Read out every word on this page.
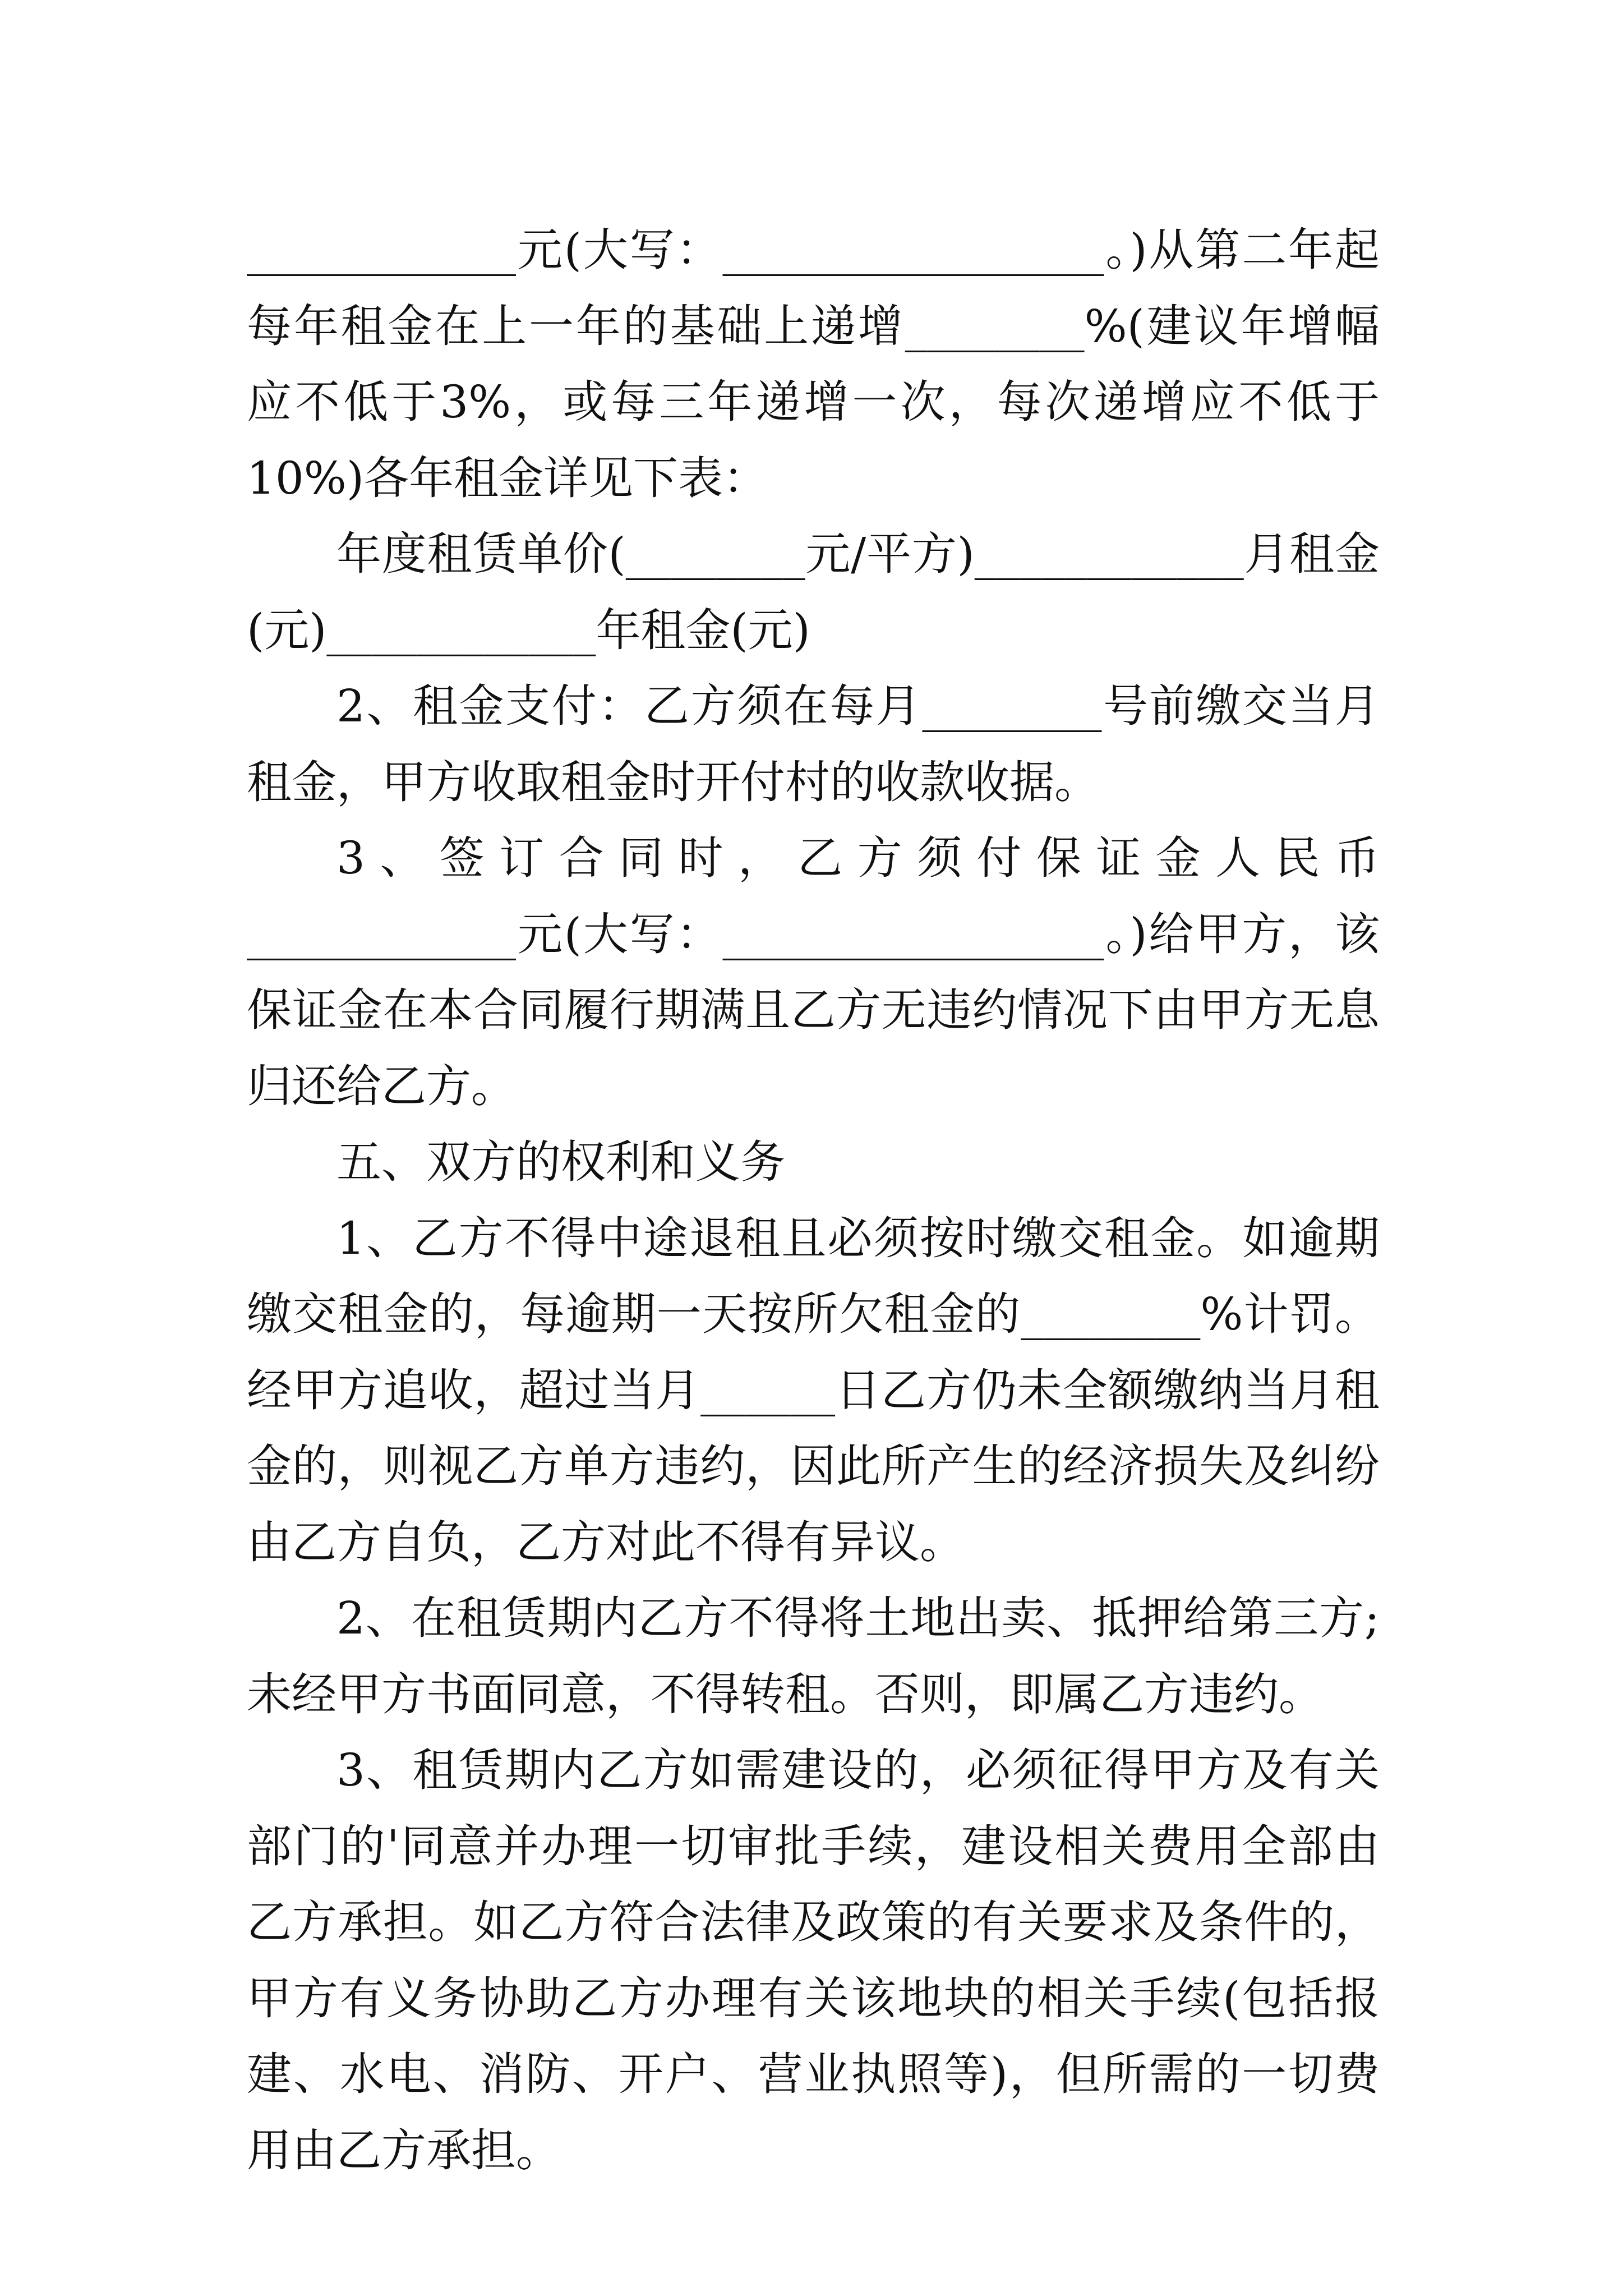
____________元(大写：_________________。)从第二年起每年租金在上一年的基础上递增________%(建议年增幅应不低于3%，或每三年递增一次，每次递增应不低于10%)各年租金详见下表：

年度租赁单价(________元/平方)____________月租金(元)____________年租金(元)

2、租金支付：乙方须在每月________号前缴交当月租金，甲方收取租金时开付村的收款收据。

3、签订合同时，乙方须付保证金人民币____________元(大写：_________________。)给甲方，该保证金在本合同履行期满且乙方无违约情况下由甲方无息归还给乙方。

五、双方的权利和义务

1、乙方不得中途退租且必须按时缴交租金。如逾期缴交租金的，每逾期一天按所欠租金的________%计罚。经甲方追收，超过当月______日乙方仍未全额缴纳当月租金的，则视乙方单方违约，因此所产生的经济损失及纠纷由乙方自负，乙方对此不得有异议。

2、在租赁期内乙方不得将土地出卖、抵押给第三方;未经甲方书面同意，不得转租。否则，即属乙方违约。

3、租赁期内乙方如需建设的，必须征得甲方及有关部门的'同意并办理一切审批手续，建设相关费用全部由乙方承担。如乙方符合法律及政策的有关要求及条件的，甲方有义务协助乙方办理有关该地块的相关手续(包括报建、水电、消防、开户、营业执照等)，但所需的一切费用由乙方承担。
